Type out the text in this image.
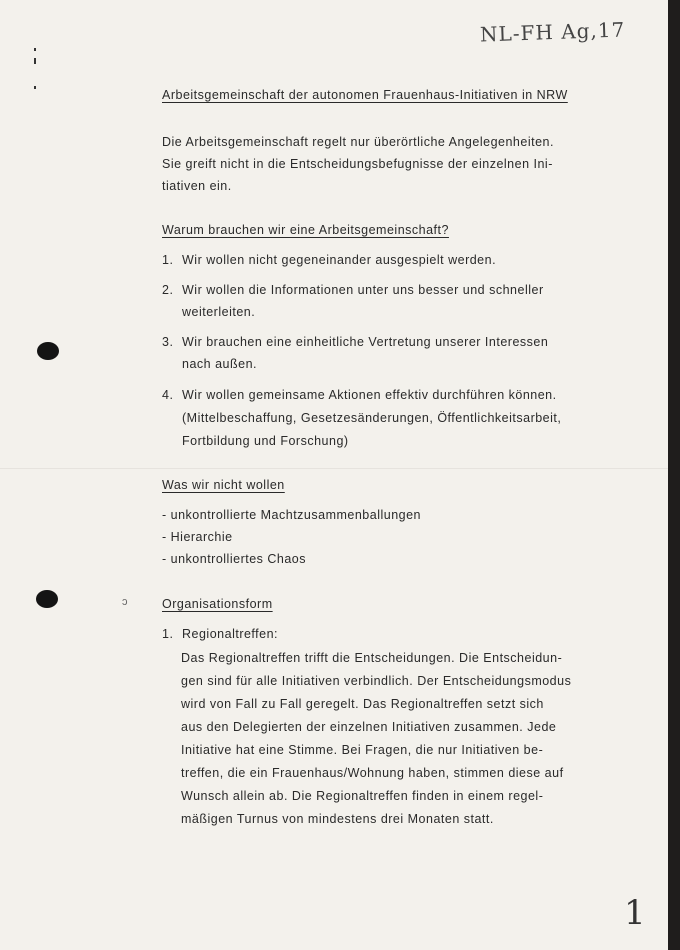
NL-FH Ag,17
ɔ
Arbeitsgemeinschaft der autonomen Frauenhaus-Initiativen in NRW
Die Arbeitsgemeinschaft regelt nur überörtliche Angelegenheiten.
Sie greift nicht in die Entscheidungsbefugnisse der einzelnen Ini-
tiativen ein.
Warum brauchen wir eine Arbeitsgemeinschaft?
1. Wir wollen nicht gegeneinander ausgespielt werden.
2. Wir wollen die Informationen unter uns besser und schneller
weiterleiten.
3. Wir brauchen eine einheitliche Vertretung unserer Interessen
nach außen.
4. Wir wollen gemeinsame Aktionen effektiv durchführen können.
(Mittelbeschaffung, Gesetzesänderungen, Öffentlichkeitsarbeit,
Fortbildung und Forschung)
Was wir nicht wollen
- unkontrollierte Machtzusammenballungen
- Hierarchie
- unkontrolliertes Chaos
Organisationsform
1. Regionaltreffen:
Das Regionaltreffen trifft die Entscheidungen. Die Entscheidun-
gen sind für alle Initiativen verbindlich. Der Entscheidungsmodus
wird von Fall zu Fall geregelt. Das Regionaltreffen setzt sich
aus den Delegierten der einzelnen Initiativen zusammen. Jede
Initiative hat eine Stimme. Bei Fragen, die nur Initiativen be-
treffen, die ein Frauenhaus/Wohnung haben, stimmen diese auf
Wunsch allein ab. Die Regionaltreffen finden in einem regel-
mäßigen Turnus von mindestens drei Monaten statt.
1
